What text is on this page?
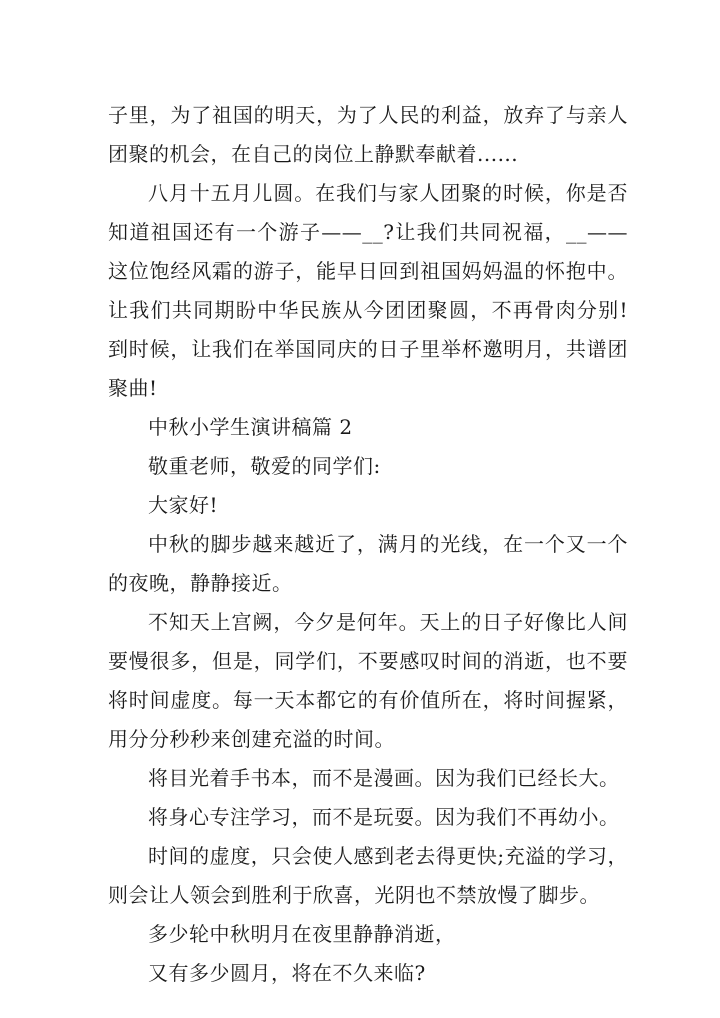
子里，为了祖国的明天，为了人民的利益，放弃了与亲人团聚的机会，在自己的岗位上静默奉献着......

八月十五月儿圆。在我们与家人团聚的时候，你是否知道祖国还有一个游子——__?让我们共同祝福，__——这位饱经风霜的游子，能早日回到祖国妈妈温的怀抱中。让我们共同期盼中华民族从今团团聚圆，不再骨肉分别!到时候，让我们在举国同庆的日子里举杯邀明月，共谱团聚曲!

中秋小学生演讲稿篇 2

敬重老师，敬爱的同学们:

大家好!

中秋的脚步越来越近了，满月的光线，在一个又一个的夜晚，静静接近。

不知天上宫阙，今夕是何年。天上的日子好像比人间要慢很多，但是，同学们，不要感叹时间的消逝，也不要将时间虚度。每一天本都它的有价值所在，将时间握紧，用分分秒秒来创建充溢的时间。

将目光着手书本，而不是漫画。因为我们已经长大。

将身心专注学习，而不是玩耍。因为我们不再幼小。

时间的虚度，只会使人感到老去得更快;充溢的学习，则会让人领会到胜利于欣喜，光阴也不禁放慢了脚步。

多少轮中秋明月在夜里静静消逝，

又有多少圆月，将在不久来临?
